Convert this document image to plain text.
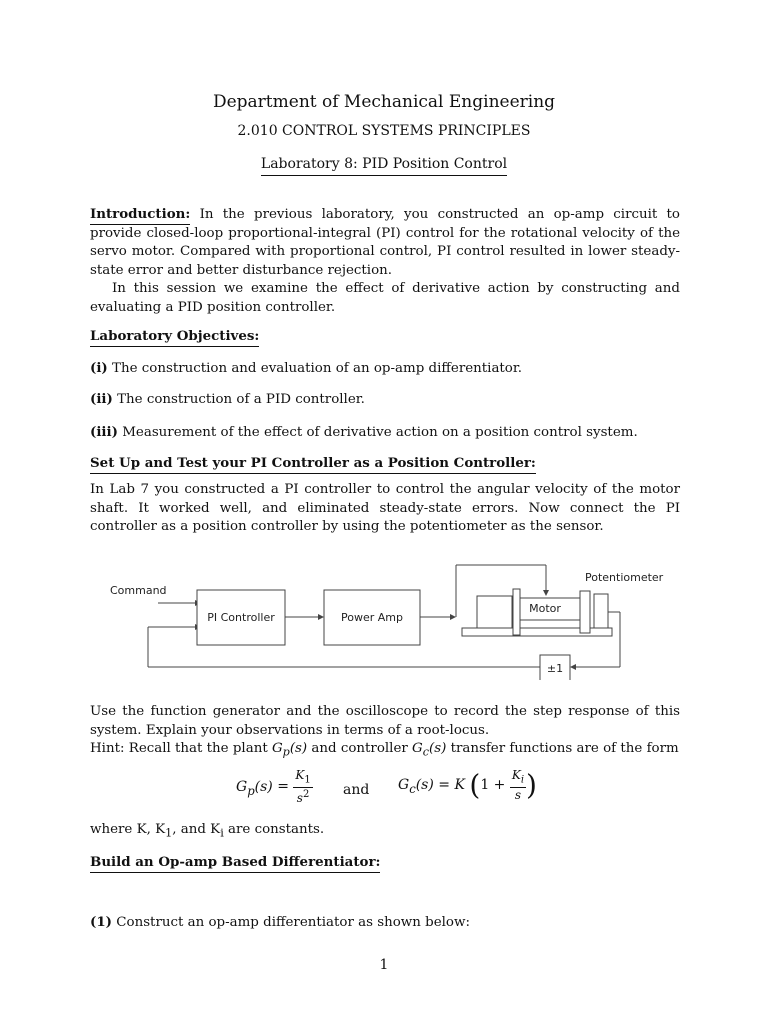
Department of Mechanical Engineering
2.010 CONTROL SYSTEMS PRINCIPLES
Laboratory 8: PID Position Control
Introduction: In the previous laboratory, you constructed an op-amp circuit to provide closed-loop proportional-integral (PI) control for the rotational velocity of the servo motor. Compared with proportional control, PI control resulted in lower steady-state error and better disturbance rejection.
In this session we examine the effect of derivative action by constructing and evaluating a PID position controller.
Laboratory Objectives:
(i) The construction and evaluation of an op-amp differentiator.
(ii) The construction of a PID controller.
(iii) Measurement of the effect of derivative action on a position control system.
Set Up and Test your PI Controller as a Position Controller:
In Lab 7 you constructed a PI controller to control the angular velocity of the motor shaft. It worked well, and eliminated steady-state errors. Now connect the PI controller as a position controller by using the potentiometer as the sensor.
Command
PI Controller	Power Amp
Motor
Potentiometer
±1
Use the function generator and the oscilloscope to record the step response of this system. Explain your observations in terms of a root-locus.
Hint: Recall that the plant $G_p(s)$ and controller $G_c(s)$ transfer functions are of the form
$G_p(s) = \frac{K_1}{s^2}$ and $G_c(s) = K$ ($1 + \frac{K_i}{s}$ )
where K, $K_1$, and $K_i$ are constants.
Build an Op-amp Based Differentiator:
(1) Construct an op-amp differentiator as shown below:
1
